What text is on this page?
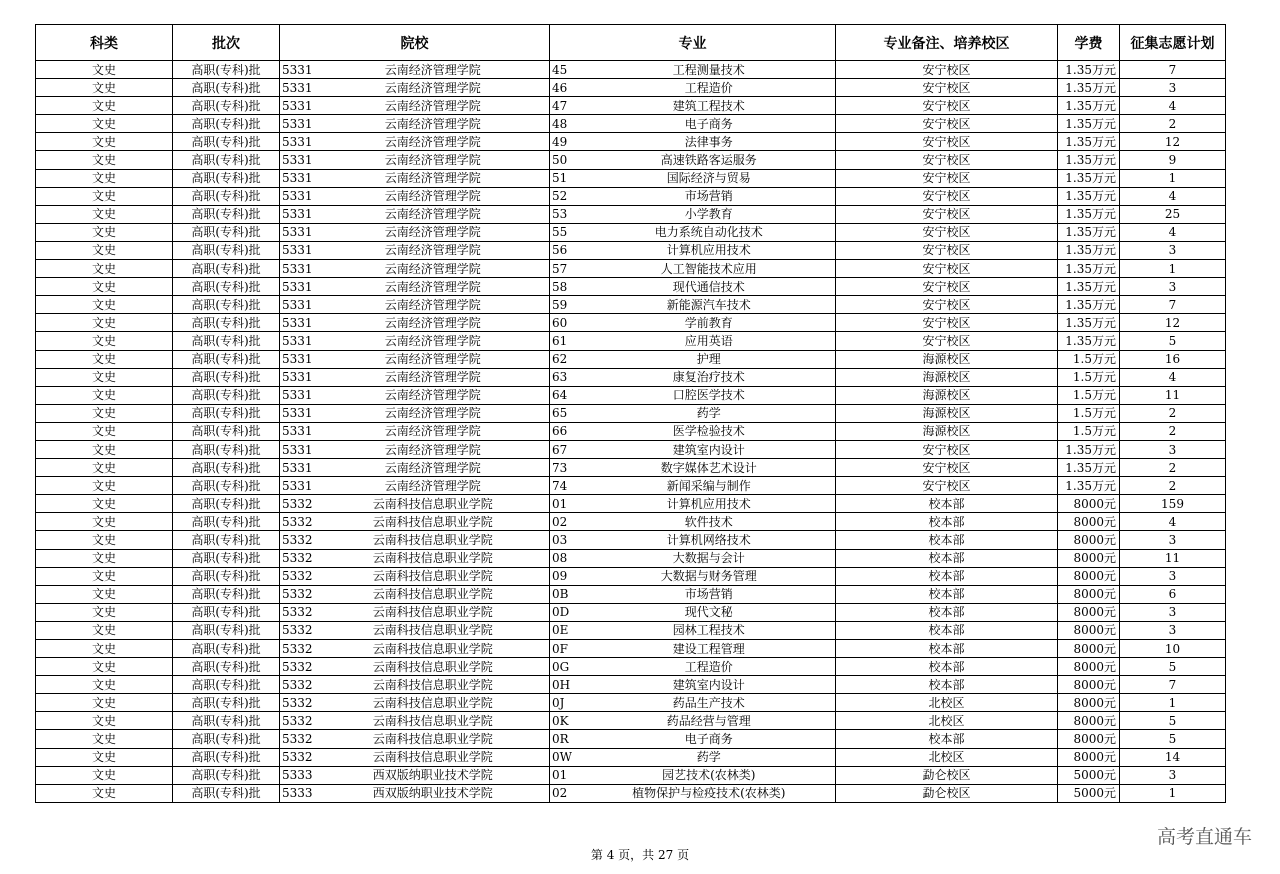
科类	批次	院校		专业		专业备注、培养校区	学费	征集志愿计划
文史	高职(专科)批	5331	云南经济管理学院	45	工程测量技术	安宁校区	1.35万元	7
文史	高职(专科)批	5331	云南经济管理学院	46	工程造价	安宁校区	1.35万元	3
文史	高职(专科)批	5331	云南经济管理学院	47	建筑工程技术	安宁校区	1.35万元	4
文史	高职(专科)批	5331	云南经济管理学院	48	电子商务	安宁校区	1.35万元	2
文史	高职(专科)批	5331	云南经济管理学院	49	法律事务	安宁校区	1.35万元	12
文史	高职(专科)批	5331	云南经济管理学院	50	高速铁路客运服务	安宁校区	1.35万元	9
文史	高职(专科)批	5331	云南经济管理学院	51	国际经济与贸易	安宁校区	1.35万元	1
文史	高职(专科)批	5331	云南经济管理学院	52	市场营销	安宁校区	1.35万元	4
文史	高职(专科)批	5331	云南经济管理学院	53	小学教育	安宁校区	1.35万元	25
文史	高职(专科)批	5331	云南经济管理学院	55	电力系统自动化技术	安宁校区	1.35万元	4
文史	高职(专科)批	5331	云南经济管理学院	56	计算机应用技术	安宁校区	1.35万元	3
文史	高职(专科)批	5331	云南经济管理学院	57	人工智能技术应用	安宁校区	1.35万元	1
文史	高职(专科)批	5331	云南经济管理学院	58	现代通信技术	安宁校区	1.35万元	3
文史	高职(专科)批	5331	云南经济管理学院	59	新能源汽车技术	安宁校区	1.35万元	7
文史	高职(专科)批	5331	云南经济管理学院	60	学前教育	安宁校区	1.35万元	12
文史	高职(专科)批	5331	云南经济管理学院	61	应用英语	安宁校区	1.35万元	5
文史	高职(专科)批	5331	云南经济管理学院	62	护理	海源校区	1.5万元	16
文史	高职(专科)批	5331	云南经济管理学院	63	康复治疗技术	海源校区	1.5万元	4
文史	高职(专科)批	5331	云南经济管理学院	64	口腔医学技术	海源校区	1.5万元	11
文史	高职(专科)批	5331	云南经济管理学院	65	药学	海源校区	1.5万元	2
文史	高职(专科)批	5331	云南经济管理学院	66	医学检验技术	海源校区	1.5万元	2
文史	高职(专科)批	5331	云南经济管理学院	67	建筑室内设计	安宁校区	1.35万元	3
文史	高职(专科)批	5331	云南经济管理学院	73	数字媒体艺术设计	安宁校区	1.35万元	2
文史	高职(专科)批	5331	云南经济管理学院	74	新闻采编与制作	安宁校区	1.35万元	2
文史	高职(专科)批	5332	云南科技信息职业学院	01	计算机应用技术	校本部	8000元	159
文史	高职(专科)批	5332	云南科技信息职业学院	02	软件技术	校本部	8000元	4
文史	高职(专科)批	5332	云南科技信息职业学院	03	计算机网络技术	校本部	8000元	3
文史	高职(专科)批	5332	云南科技信息职业学院	08	大数据与会计	校本部	8000元	11
文史	高职(专科)批	5332	云南科技信息职业学院	09	大数据与财务管理	校本部	8000元	3
文史	高职(专科)批	5332	云南科技信息职业学院	0B	市场营销	校本部	8000元	6
文史	高职(专科)批	5332	云南科技信息职业学院	0D	现代文秘	校本部	8000元	3
文史	高职(专科)批	5332	云南科技信息职业学院	0E	园林工程技术	校本部	8000元	3
文史	高职(专科)批	5332	云南科技信息职业学院	0F	建设工程管理	校本部	8000元	10
文史	高职(专科)批	5332	云南科技信息职业学院	0G	工程造价	校本部	8000元	5
文史	高职(专科)批	5332	云南科技信息职业学院	0H	建筑室内设计	校本部	8000元	7
文史	高职(专科)批	5332	云南科技信息职业学院	0J	药品生产技术	北校区	8000元	1
文史	高职(专科)批	5332	云南科技信息职业学院	0K	药品经营与管理	北校区	8000元	5
文史	高职(专科)批	5332	云南科技信息职业学院	0R	电子商务	校本部	8000元	5
文史	高职(专科)批	5332	云南科技信息职业学院	0W	药学	北校区	8000元	14
文史	高职(专科)批	5333	西双版纳职业技术学院	01	园艺技术(农林类)	勐仑校区	5000元	3
文史	高职(专科)批	5333	西双版纳职业技术学院	02	植物保护与检疫技术(农林类)	勐仑校区	5000元	1
第 4 页，共 27 页
高考直通车
